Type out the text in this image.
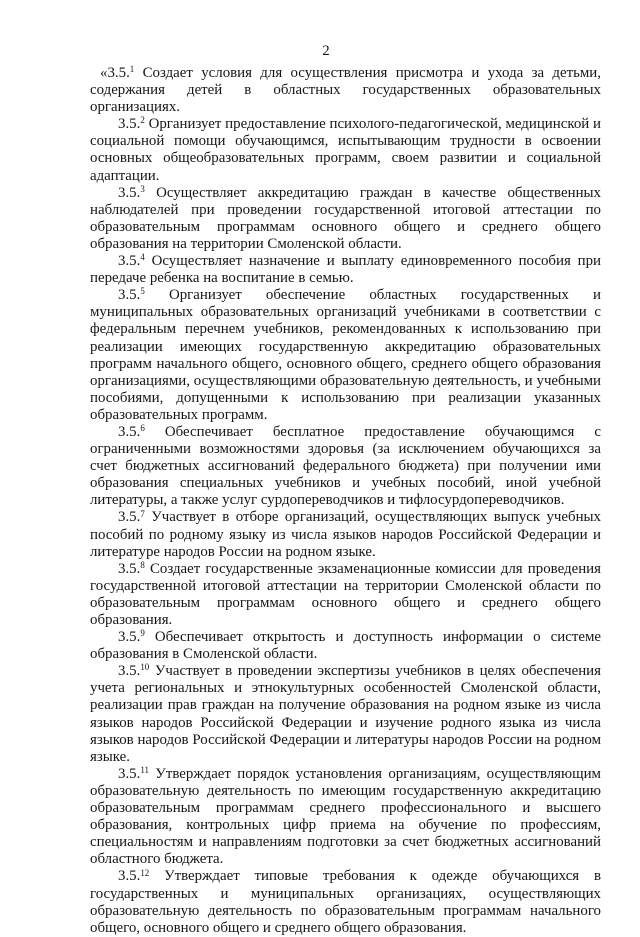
2

«3.5.$^1$ Создает условия для осуществления присмотра и ухода за детьми, содержания детей в областных государственных образовательных организациях.

3.5.$^2$ Организует предоставление психолого-педагогической, медицинской и социальной помощи обучающимся, испытывающим трудности в освоении основных общеобразовательных программ, своем развитии и социальной адаптации.

3.5.$^3$ Осуществляет аккредитацию граждан в качестве общественных наблюдателей при проведении государственной итоговой аттестации по образовательным программам основного общего и среднего общего образования на территории Смоленской области.

3.5.$^4$ Осуществляет назначение и выплату единовременного пособия при передаче ребенка на воспитание в семью.

3.5.$^5$ Организует обеспечение областных государственных и муниципальных образовательных организаций учебниками в соответствии с федеральным перечнем учебников, рекомендованных к использованию при реализации имеющих государственную аккредитацию образовательных программ начального общего, основного общего, среднего общего образования организациями, осуществляющими образовательную деятельность, и учебными пособиями, допущенными к использованию при реализации указанных образовательных программ.

3.5.$^6$ Обеспечивает бесплатное предоставление обучающимся с ограниченными возможностями здоровья (за исключением обучающихся за счет бюджетных ассигнований федерального бюджета) при получении ими образования специальных учебников и учебных пособий, иной учебной литературы, а также услуг сурдопереводчиков и тифлосурдопереводчиков.

3.5.$^7$ Участвует в отборе организаций, осуществляющих выпуск учебных пособий по родному языку из числа языков народов Российской Федерации и литературе народов России на родном языке.

3.5.$^8$ Создает государственные экзаменационные комиссии для проведения государственной итоговой аттестации на территории Смоленской области по образовательным программам основного общего и среднего общего образования.

3.5.$^9$ Обеспечивает открытость и доступность информации о системе образования в Смоленской области.

3.5.10 Участвует в проведении экспертизы учебников в целях обеспечения учета региональных и этнокультурных особенностей Смоленской области, реализации прав граждан на получение образования на родном языке из числа языков народов Российской Федерации и изучение родного языка из числа языков народов Российской Федерации и литературы народов России на родном языке.

3.5.11 Утверждает порядок установления организациям, осуществляющим образовательную деятельность по имеющим государственную аккредитацию образовательным программам среднего профессионального и высшего образования, контрольных цифр приема на обучение по профессиям, специальностям и направлениям подготовки за счет бюджетных ассигнований областного бюджета.

3.5.12 Утверждает типовые требования к одежде обучающихся в государственных и муниципальных организациях, осуществляющих образовательную деятельность по образовательным программам начального общего, основного общего и среднего общего образования.
